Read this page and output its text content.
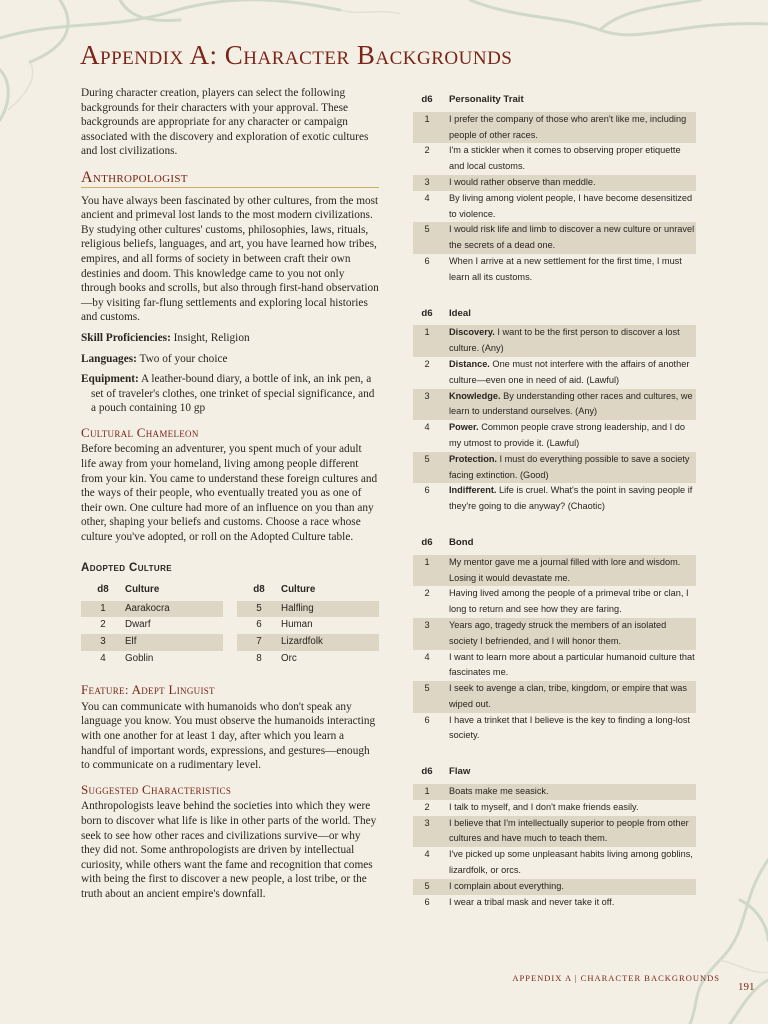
Appendix A: Character Backgrounds

During character creation, players can select the following backgrounds for their characters with your approval. These backgrounds are appropriate for any character or campaign associated with the discovery and exploration of exotic cultures and lost civilizations.

Anthropologist

You have always been fascinated by other cultures, from the most ancient and primeval lost lands to the most modern civilizations. By studying other cultures' customs, philosophies, laws, rituals, religious beliefs, languages, and art, you have learned how tribes, empires, and all forms of society in between craft their own destinies and doom. This knowledge came to you not only through books and scrolls, but also through first-hand observation—by visiting far-flung settlements and exploring local histories and customs.

Skill Proficiencies: Insight, Religion

Languages: Two of your choice

Equipment: A leather-bound diary, a bottle of ink, an ink pen, a set of traveler's clothes, one trinket of special significance, and a pouch containing 10 gp

Cultural Chameleon

Before becoming an adventurer, you spent much of your adult life away from your homeland, living among people different from your kin. You came to understand these foreign cultures and the ways of their people, who eventually treated you as one of their own. One culture had more of an influence on you than any other, shaping your beliefs and customs. Choose a race whose culture you've adopted, or roll on the Adopted Culture table.

Adopted Culture
d8	Culture
1	Aarakocra
2	Dwarf
3	Elf
4	Goblin
d8	Culture
5	Halfling
6	Human
7	Lizardfolk
8	Orc
Feature: Adept Linguist

You can communicate with humanoids who don't speak any language you know. You must observe the humanoids interacting with one another for at least 1 day, after which you learn a handful of important words, expressions, and gestures—enough to communicate on a rudimentary level.

Suggested Characteristics

Anthropologists leave behind the societies into which they were born to discover what life is like in other parts of the world. They seek to see how other races and civilizations survive—or why they did not. Some anthropologists are driven by intellectual curiosity, while others want the fame and recognition that comes with being the first to discover a new people, a lost tribe, or the truth about an ancient empire's downfall.

d6	Personality Trait
1	I prefer the company of those who aren't like me, including people of other races.
2	I'm a stickler when it comes to observing proper etiquette and local customs.
3	I would rather observe than meddle.
4	By living among violent people, I have become desensitized to violence.
5	I would risk life and limb to discover a new culture or unravel the secrets of a dead one.
6	When I arrive at a new settlement for the first time, I must learn all its customs.
d6	Ideal
1	Discovery. I want to be the first person to discover a lost culture. (Any)
2	Distance. One must not interfere with the affairs of another culture—even one in need of aid. (Lawful)
3	Knowledge. By understanding other races and cultures, we learn to understand ourselves. (Any)
4	Power. Common people crave strong leadership, and I do my utmost to provide it. (Lawful)
5	Protection. I must do everything possible to save a society facing extinction. (Good)
6	Indifferent. Life is cruel. What's the point in saving people if they're going to die anyway? (Chaotic)
d6	Bond
1	My mentor gave me a journal filled with lore and wisdom. Losing it would devastate me.
2	Having lived among the people of a primeval tribe or clan, I long to return and see how they are faring.
3	Years ago, tragedy struck the members of an isolated society I befriended, and I will honor them.
4	I want to learn more about a particular humanoid culture that fascinates me.
5	I seek to avenge a clan, tribe, kingdom, or empire that was wiped out.
6	I have a trinket that I believe is the key to finding a long-lost society.
d6	Flaw
1	Boats make me seasick.
2	I talk to myself, and I don't make friends easily.
3	I believe that I'm intellectually superior to people from other cultures and have much to teach them.
4	I've picked up some unpleasant habits living among goblins, lizardfolk, or orcs.
5	I complain about everything.
6	I wear a tribal mask and never take it off.
APPENDIX A | CHARACTER BACKGROUNDS
191
